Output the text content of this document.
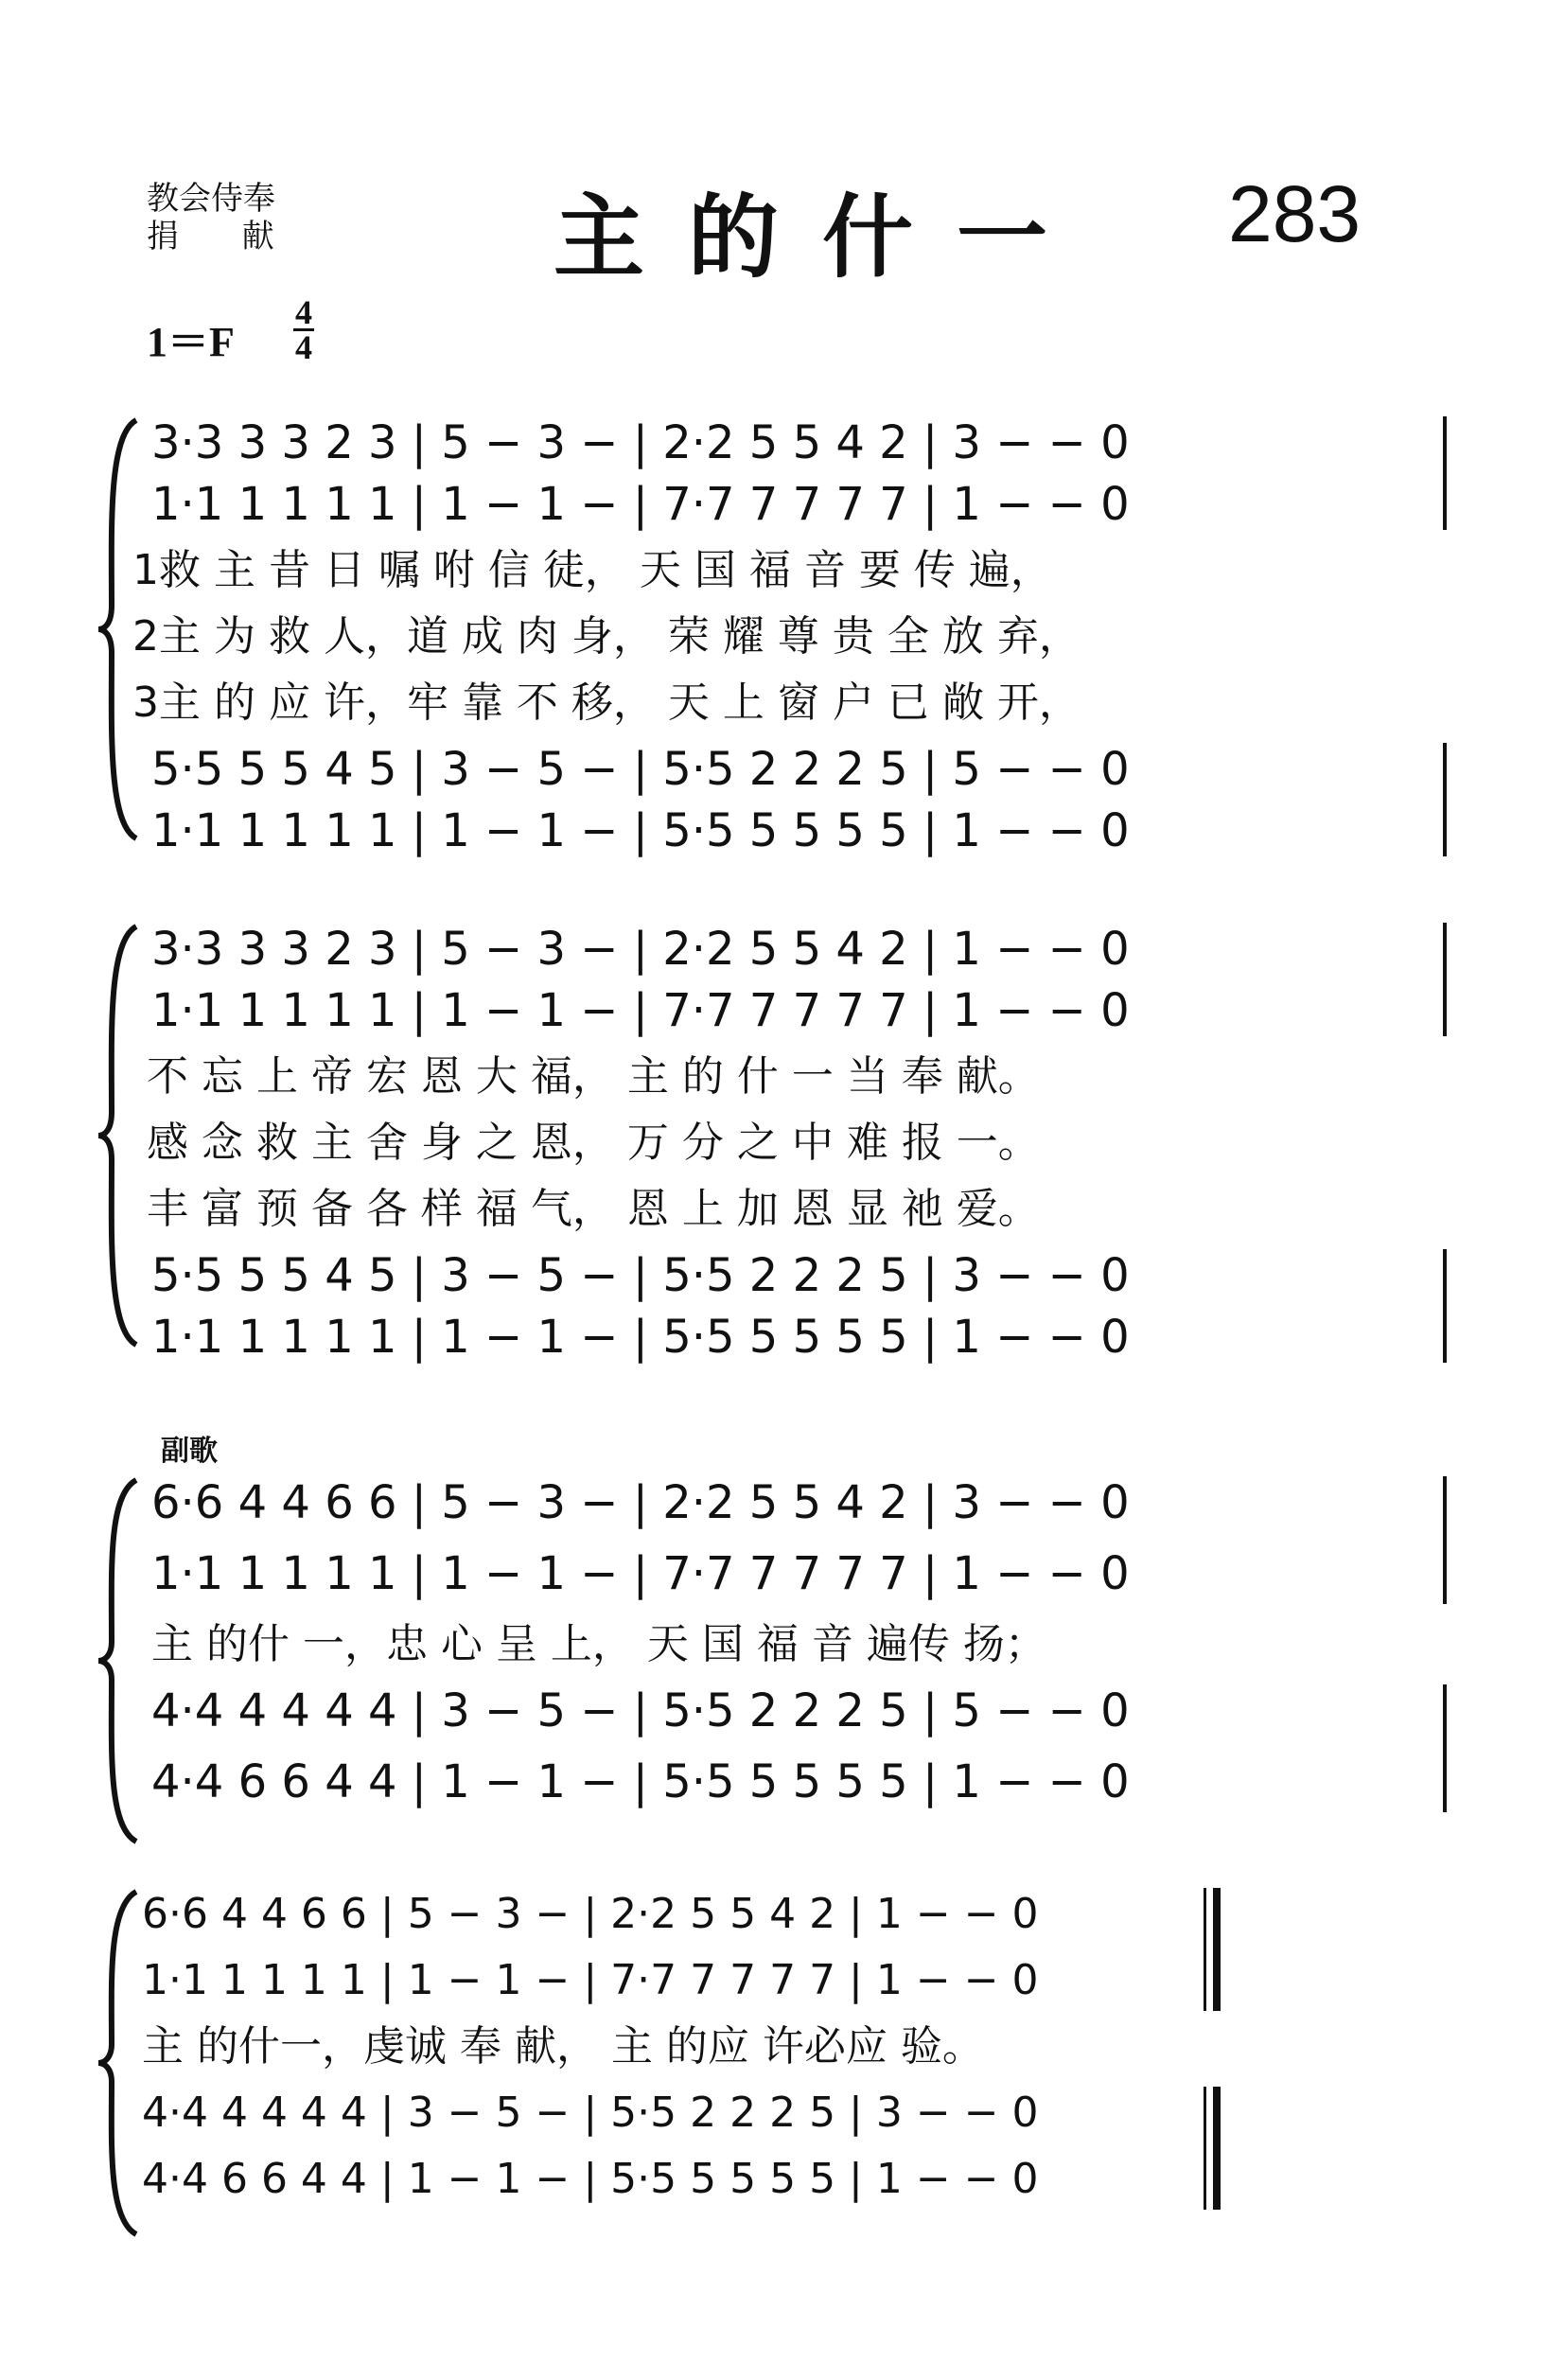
教会侍奉
捐 献	主的什一 283
1＝F
4
4
3·3 3 3 2 3 | 5 − 3 − | 2·2 5 5 4 2 | 3 − − 0
1·1 1 1 1 1 | 1 − 1 − | 7·7 7 7 7 7 | 1 − − 0
1救 主 昔 日 嘱 咐 信 徒， 天 国 福 音 要 传 遍，
2主 为 救 人，道 成 肉 身， 荣 耀 尊 贵 全 放 弃，
3主 的 应 许，牢 靠 不 移， 天 上 窗 户 已 敞 开，
5·5 5 5 4 5 | 3 − 5 − | 5·5 2 2 2 5 | 5 − − 0
1·1 1 1 1 1 | 1 − 1 − | 5·5 5 5 5 5 | 1 − − 0
3·3 3 3 2 3 | 5 − 3 − | 2·2 5 5 4 2 | 1 − − 0
1·1 1 1 1 1 | 1 − 1 − | 7·7 7 7 7 7 | 1 − − 0
不 忘 上 帝 宏 恩 大 福， 主 的 什 一 当 奉 献。
感 念 救 主 舍 身 之 恩， 万 分 之 中 难 报 一。
丰 富 预 备 各 样 福 气， 恩 上 加 恩 显 祂 爱。
5·5 5 5 4 5 | 3 − 5 − | 5·5 2 2 2 5 | 3 − − 0
1·1 1 1 1 1 | 1 − 1 − | 5·5 5 5 5 5 | 1 − − 0
副歌
6·6 4 4 6 6 | 5 − 3 − | 2·2 5 5 4 2 | 3 − − 0
1·1 1 1 1 1 | 1 − 1 − | 7·7 7 7 7 7 | 1 − − 0
主 的什 一，忠 心 呈 上， 天 国 福 音 遍传 扬；
4·4 4 4 4 4 | 3 − 5 − | 5·5 2 2 2 5 | 5 − − 0
4·4 6 6 4 4 | 1 − 1 − | 5·5 5 5 5 5 | 1 − − 0
6·6 4 4 6 6 | 5 − 3 − | 2·2 5 5 4 2 | 1 − − 0
1·1 1 1 1 1 | 1 − 1 − | 7·7 7 7 7 7 | 1 − − 0
主 的什一，虔诚 奉 献， 主 的应 许必应 验。
4·4 4 4 4 4 | 3 − 5 − | 5·5 2 2 2 5 | 3 − − 0
4·4 6 6 4 4 | 1 − 1 − | 5·5 5 5 5 5 | 1 − − 0
